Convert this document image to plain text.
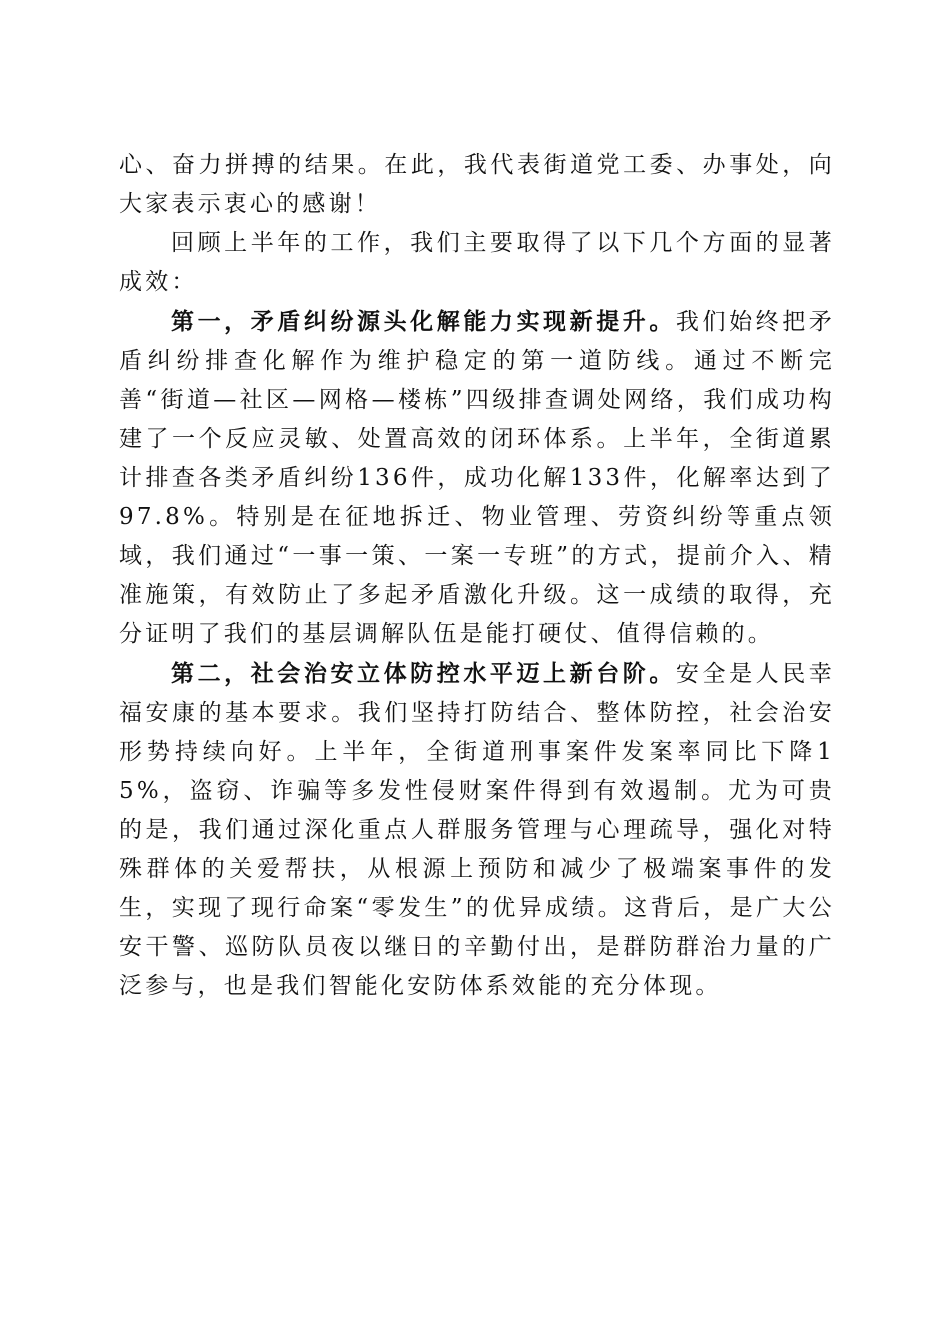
心、奋力拼搏的结果。在此，我代表街道党工委、办事处，向大家表示衷心的感谢！

回顾上半年的工作，我们主要取得了以下几个方面的显著成效：

第一，矛盾纠纷源头化解能力实现新提升。我们始终把矛盾纠纷排查化解作为维护稳定的第一道防线。通过不断完善“街道—社区—网格—楼栋”四级排查调处网络，我们成功构建了一个反应灵敏、处置高效的闭环体系。上半年，全街道累计排查各类矛盾纠纷136件，成功化解133件，化解率达到了97.8%。特别是在征地拆迁、物业管理、劳资纠纷等重点领域，我们通过“一事一策、一案一专班”的方式，提前介入、精准施策，有效防止了多起矛盾激化升级。这一成绩的取得，充分证明了我们的基层调解队伍是能打硬仗、值得信赖的。

第二，社会治安立体防控水平迈上新台阶。安全是人民幸福安康的基本要求。我们坚持打防结合、整体防控，社会治安形势持续向好。上半年，全街道刑事案件发案率同比下降15%，盗窃、诈骗等多发性侵财案件得到有效遏制。尤为可贵的是，我们通过深化重点人群服务管理与心理疏导，强化对特殊群体的关爱帮扶，从根源上预防和减少了极端案事件的发生，实现了现行命案“零发生”的优异成绩。这背后，是广大公安干警、巡防队员夜以继日的辛勤付出，是群防群治力量的广泛参与，也是我们智能化安防体系效能的充分体现。
